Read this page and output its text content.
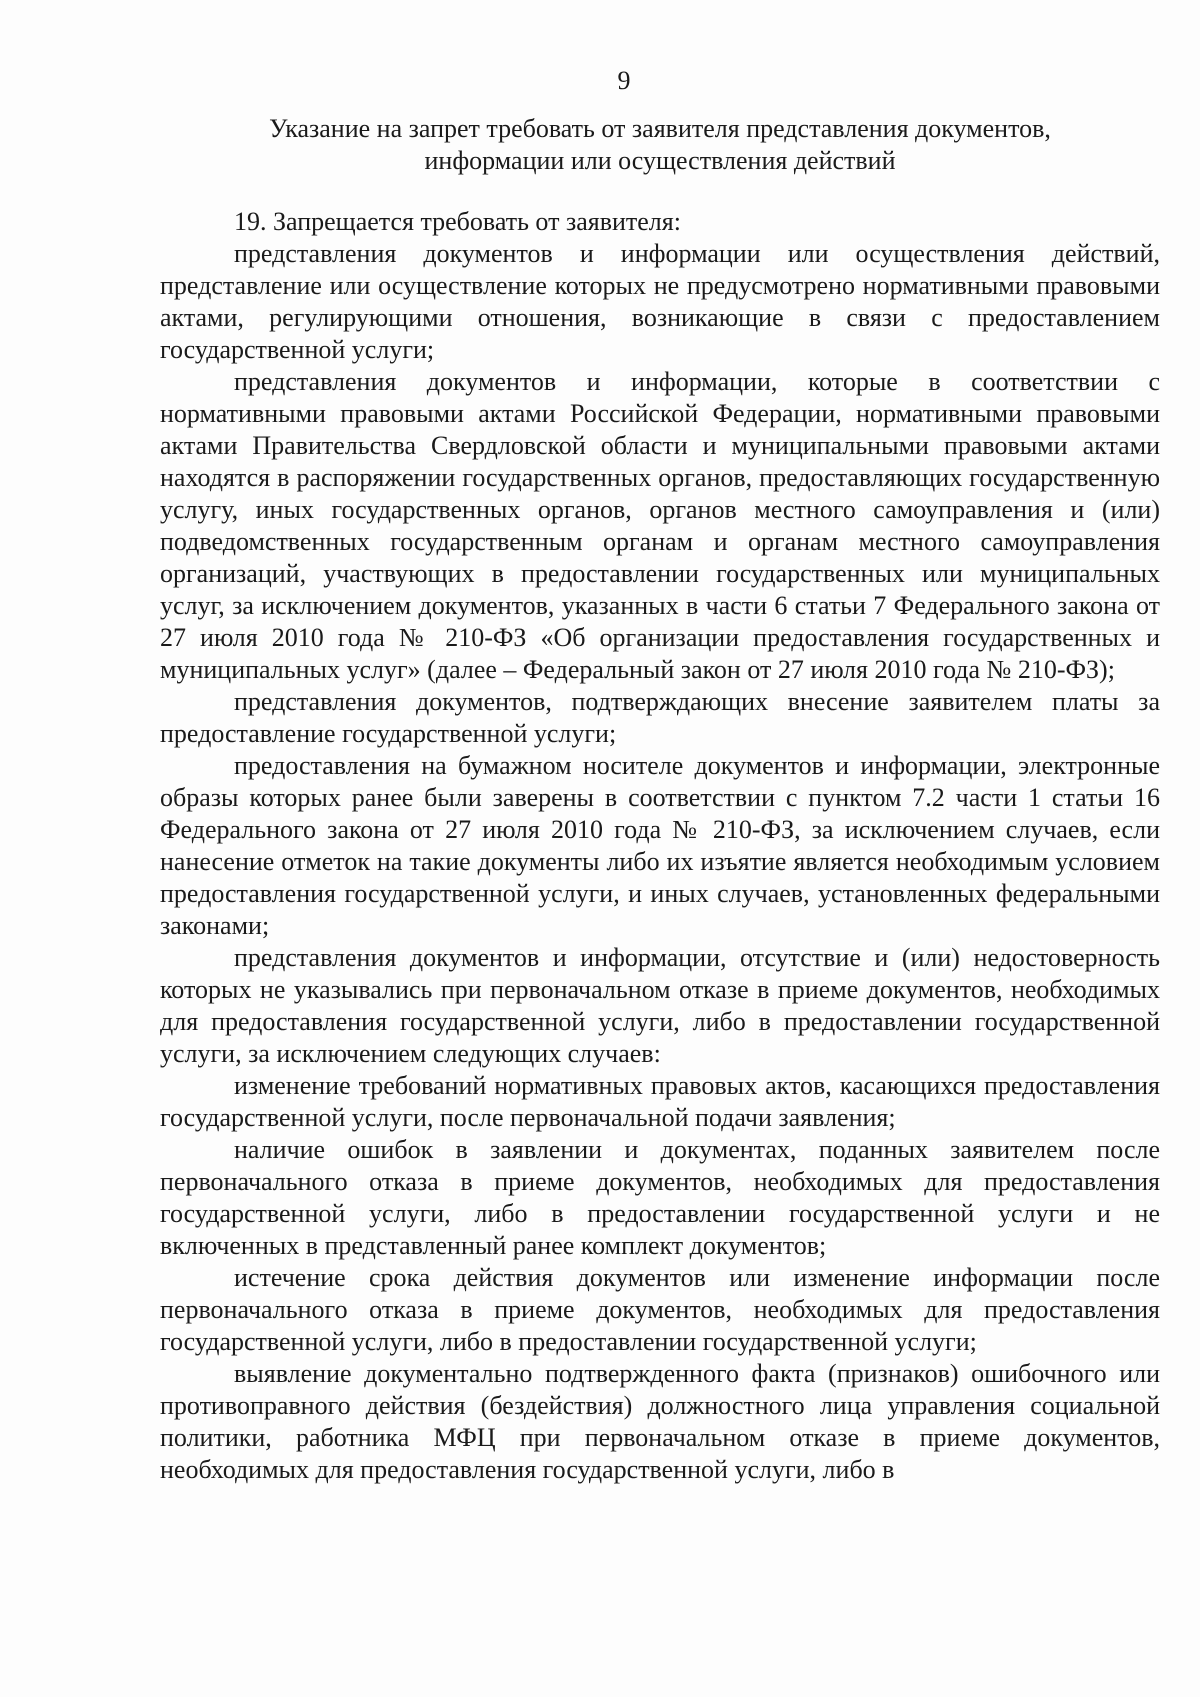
9
Указание на запрет требовать от заявителя представления документов,
информации или осуществления действий

19. Запрещается требовать от заявителя:

представления документов и информации или осуществления действий, представление или осуществление которых не предусмотрено нормативными правовыми актами, регулирующими отношения, возникающие в связи с предоставлением государственной услуги;

представления документов и информации, которые в соответствии с нормативными правовыми актами Российской Федерации, нормативными правовыми актами Правительства Свердловской области и муниципальными правовыми актами находятся в распоряжении государственных органов, предоставляющих государственную услугу, иных государственных органов, органов местного самоуправления и (или) подведомственных государственным органам и органам местного самоуправления организаций, участвующих в предоставлении государственных или муниципальных услуг, за исключением документов, указанных в части 6 статьи 7 Федерального закона от 27 июля 2010 года № 210-ФЗ «Об организации предоставления государственных и муниципальных услуг» (далее – Федеральный закон от 27 июля 2010 года № 210-ФЗ);

представления документов, подтверждающих внесение заявителем платы за предоставление государственной услуги;

предоставления на бумажном носителе документов и информации, электронные образы которых ранее были заверены в соответствии с пунктом 7.2 части 1 статьи 16 Федерального закона от 27 июля 2010 года № 210-ФЗ, за исключением случаев, если нанесение отметок на такие документы либо их изъятие является необходимым условием предоставления государственной услуги, и иных случаев, установленных федеральными законами;

представления документов и информации, отсутствие и (или) недостоверность которых не указывались при первоначальном отказе в приеме документов, необходимых для предоставления государственной услуги, либо в предоставлении государственной услуги, за исключением следующих случаев:

изменение требований нормативных правовых актов, касающихся предоставления государственной услуги, после первоначальной подачи заявления;

наличие ошибок в заявлении и документах, поданных заявителем после первоначального отказа в приеме документов, необходимых для предоставления государственной услуги, либо в предоставлении государственной услуги и не включенных в представленный ранее комплект документов;

истечение срока действия документов или изменение информации после первоначального отказа в приеме документов, необходимых для предоставления государственной услуги, либо в предоставлении государственной услуги;

выявление документально подтвержденного факта (признаков) ошибочного или противоправного действия (бездействия) должностного лица управления социальной политики, работника МФЦ при первоначальном отказе в приеме документов, необходимых для предоставления государственной услуги, либо в
